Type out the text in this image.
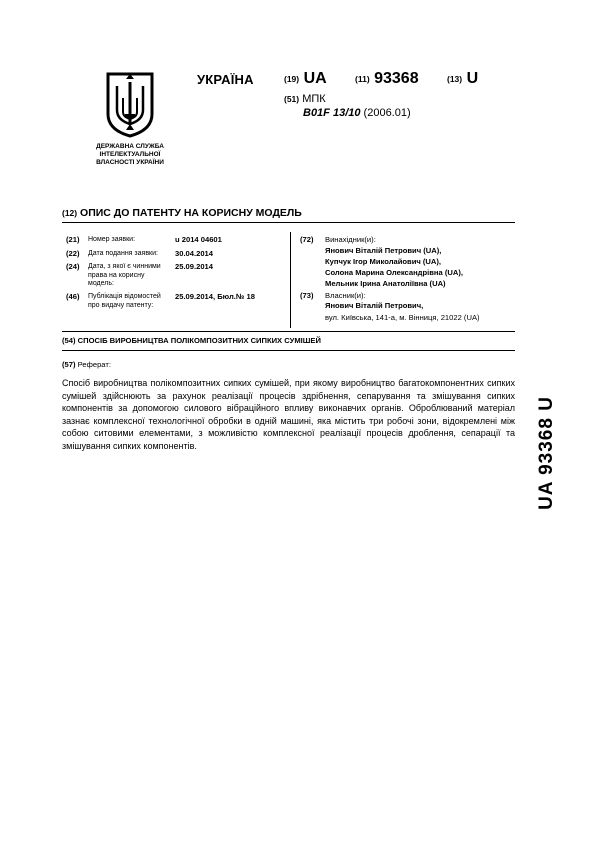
ДЕРЖАВНА СЛУЖБА ІНТЕЛЕКТУАЛЬНОЇ ВЛАСНОСТІ УКРАЇНИ
УКРАЇНА	(19) UA	(11) 93368	(13) U
(51) МПК
B01F 13/10 (2006.01)
(12) ОПИС ДО ПАТЕНТУ НА КОРИСНУ МОДЕЛЬ
(21) Номер заявки:	u 2014 04601
(22) Дата подання заявки:	30.04.2014
(24) Дата, з якої є чинними права на корисну модель:
25.09.2014
(46) Публікація відомостей про видачу патенту:
25.09.2014, Бюл.№ 18
(72) Винахідник(и):
Янович Віталій Петрович (UA),
Купчук Ігор Миколайович (UA),
Солона Марина Олександрівна (UA),
Мельник Ірина Анатоліївна (UA)
(73) Власник(и):
Янович Віталій Петрович,
вул. Київська, 141-а, м. Вінниця, 21022 (UA)
(54) СПОСІБ ВИРОБНИЦТВА ПОЛІКОМПОЗИТНИХ СИПКИХ СУМІШЕЙ
(57) Реферат:
Спосіб виробництва полікомпозитних сипких сумішей, при якому виробництво багатокомпонентних сипких сумішей здійснюють за рахунок реалізації процесів здрібнення, сепарування та змішування сипких компонентів за допомогою силового вібраційного впливу виконавчих органів. Оброблюваний матеріал зазнає комплексної технологічної обробки в одній машині, яка містить три робочі зони, відокремлені між собою ситовими елементами, з можливістю комплексної реалізації процесів дроблення, сепарації та змішування сипких компонентів.	UA 93368 U
